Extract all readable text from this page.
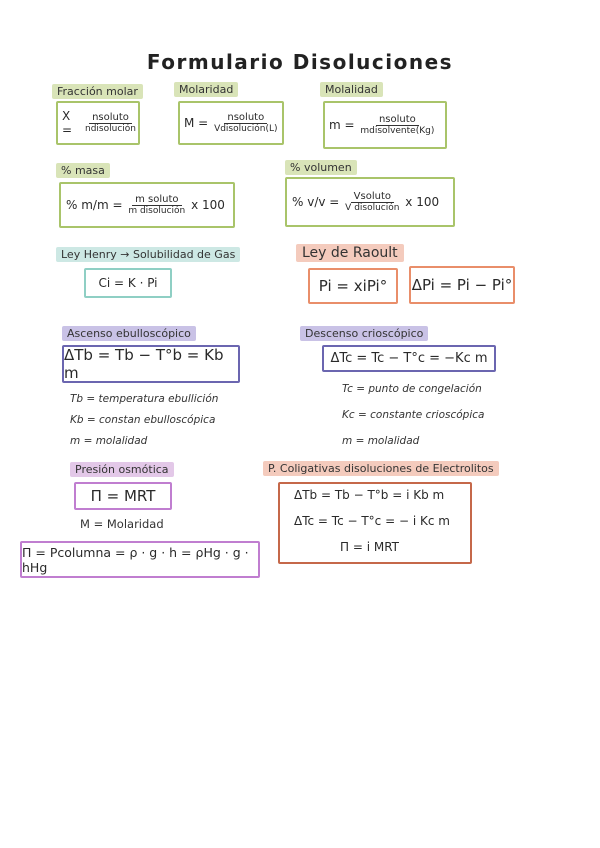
Formulario Disoluciones
Fracción molar
X =
	$\frac{\text{nsoluto}}{\text{ndisolución}}$
Molaridad
M =
$\frac{\text{nsoluto}}{\text{Vdisolución(L)}}$
Molalidad
m =
$\frac{\text{nsoluto}}{\text{mdisolvente(Kg)}}$
% masa
% m/m =
$\frac{\text{m soluto}}{\text{m disolución}}$
x 100
% volumen
% v/v =
$\frac{\text{Vsoluto}}{\text{V disolución}}$
x 100
Ley Henry → Solubilidad de Gas
Ci = K · Pi
Ley de Raoult
Pi = xiPi° ΔPi = Pi − Pi°
Ascenso ebulloscópico
ΔTb = Tb − T°b = Kb m
Tb = temperatura ebullición
Kb = constan ebulloscópica
m = molalidad
Descenso crioscópico
ΔTc = Tc − T°c = −Kc m
Tc = punto de congelación
Kc = constante crioscópica
m = molalidad
Presión osmótica
Π = MRT
M = Molaridad
Π = Pcolumna = ρ · g · h = ρHg · g · hHg
P. Coligativas disoluciones de Electrolitos
ΔTb = Tb − T°b = i Kb m
ΔTc = Tc − T°c = − i Kc m
Π = i MRT
